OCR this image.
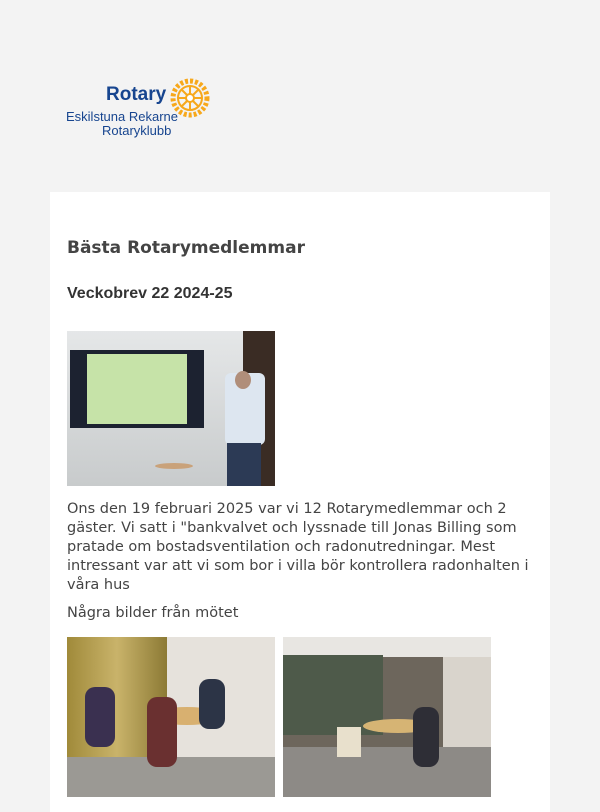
Rotary
Eskilstuna Rekarne
Rotaryklubb
Bästa Rotarymedlemmar
Veckobrev 22 2024-25
Ons den 19 februari 2025 var vi 12 Rotarymedlemmar och 2 gäster. Vi satt i "bankvalvet och lyssnade till Jonas Billing som pratade om bostadsventilation och radonutredningar. Mest intressant var att vi som bor i villa bör kontrollera radonhalten i våra hus
Några bilder från mötet
